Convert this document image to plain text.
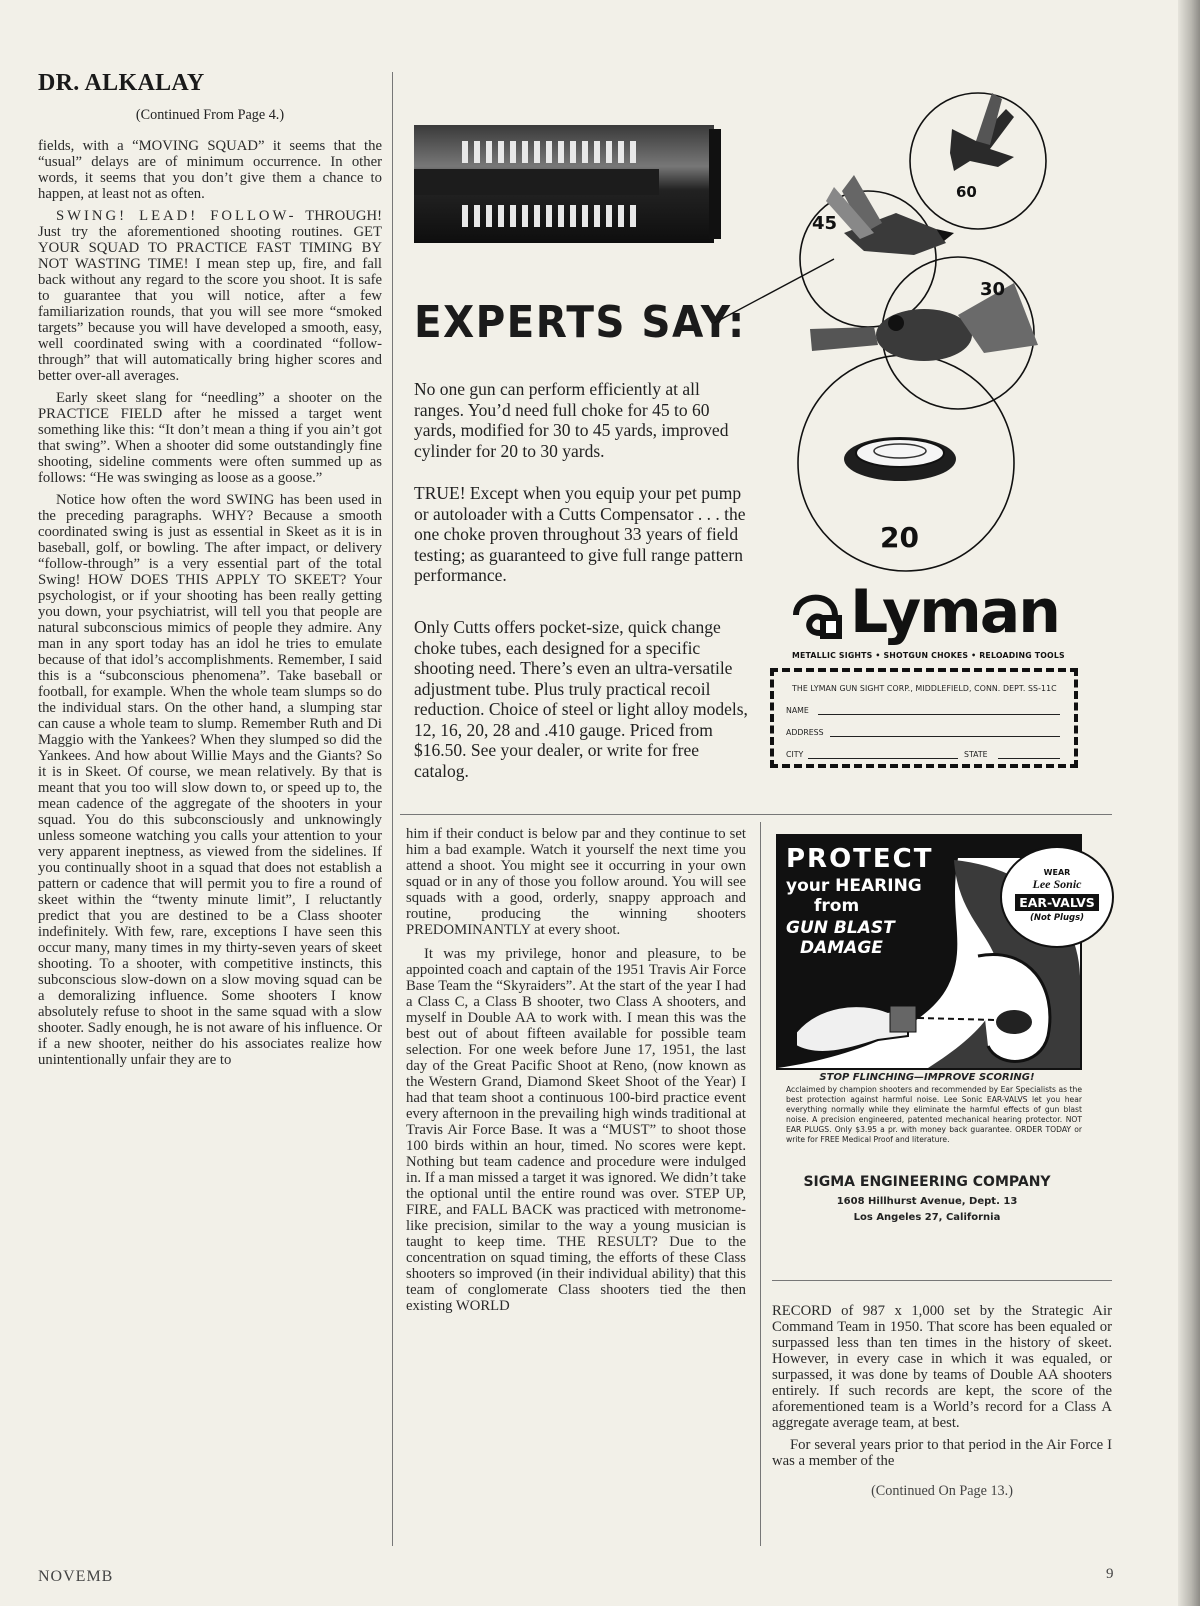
DR. ALKALAY
(Continued From Page 4.)

fields, with a “MOVING SQUAD” it seems that the “usual” delays are of minimum occurrence. In other words, it seems that you don’t give them a chance to happen, at least not as often.

SWING! LEAD! FOLLOW- THROUGH! Just try the aforementioned shooting routines. GET YOUR SQUAD TO PRACTICE FAST TIMING BY NOT WASTING TIME! I mean step up, fire, and fall back without any regard to the score you shoot. It is safe to guarantee that you will notice, after a few familiarization rounds, that you will see more “smoked targets” because you will have developed a smooth, easy, well coordinated swing with a coordinated “follow-through” that will automatically bring higher scores and better over-all averages.

Early skeet slang for “needling” a shooter on the PRACTICE FIELD after he missed a target went something like this: “It don’t mean a thing if you ain’t got that swing”. When a shooter did some outstandingly fine shooting, sideline comments were often summed up as follows: “He was swinging as loose as a goose.”

Notice how often the word SWING has been used in the preceding paragraphs. WHY? Because a smooth coordinated swing is just as essential in Skeet as it is in baseball, golf, or bowling. The after impact, or delivery “follow-through” is a very essential part of the total Swing! HOW DOES THIS APPLY TO SKEET? Your psychologist, or if your shooting has been really getting you down, your psychiatrist, will tell you that people are natural subconscious mimics of people they admire. Any man in any sport today has an idol he tries to emulate because of that idol’s accomplishments. Remember, I said this is a “subconscious phenomena”. Take baseball or football, for example. When the whole team slumps so do the individual stars. On the other hand, a slumping star can cause a whole team to slump. Remember Ruth and Di Maggio with the Yankees? When they slumped so did the Yankees. And how about Willie Mays and the Giants? So it is in Skeet. Of course, we mean relatively. By that is meant that you too will slow down to, or speed up to, the mean cadence of the aggregate of the shooters in your squad. You do this subconsciously and unknowingly unless someone watching you calls your attention to your very apparent ineptness, as viewed from the sidelines. If you continually shoot in a squad that does not establish a pattern or cadence that will permit you to fire a round of skeet within the “twenty minute limit”, I reluctantly predict that you are destined to be a Class shooter indefinitely. With few, rare, exceptions I have seen this occur many, many times in my thirty-seven years of skeet shooting. To a shooter, with competitive instincts, this subconscious slow-down on a slow moving squad can be a demoralizing influence. Some shooters I know absolutely refuse to shoot in the same squad with a slow shooter. Sadly enough, he is not aware of his influence. Or if a new shooter, neither do his associates realize how unintentionally unfair they are to

EXPERTS SAY:
No one gun can perform efficiently at all ranges. You’d need full choke for 45 to 60 yards, modified for 30 to 45 yards, improved cylinder for 20 to 30 yards.
TRUE! Except when you equip your pet pump or autoloader with a Cutts Compensator . . . the one choke proven throughout 33 years of field testing; as guaranteed to give full range pattern performance.
Only Cutts offers pocket-size, quick change choke tubes, each designed for a specific shooting need. There’s even an ultra-versatile adjustment tube. Plus truly practical recoil reduction. Choice of steel or light alloy models, 12, 16, 20, 28 and .410 gauge. Priced from $16.50. See your dealer, or write for free catalog.
60
45
30
20
Lyman
METALLIC SIGHTS • SHOTGUN CHOKES • RELOADING TOOLS
THE LYMAN GUN SIGHT CORP., MIDDLEFIELD, CONN. DEPT. SS-11C
NAME
ADDRESS
CITY	STATE

him if their conduct is below par and they continue to set him a bad example. Watch it yourself the next time you attend a shoot. You might see it occurring in your own squad or in any of those you follow around. You will see squads with a good, orderly, snappy approach and routine, producing the winning shooters PREDOMINANTLY at every shoot.

It was my privilege, honor and pleasure, to be appointed coach and captain of the 1951 Travis Air Force Base Team the “Skyraiders”. At the start of the year I had a Class C, a Class B shooter, two Class A shooters, and myself in Double AA to work with. I mean this was the best out of about fifteen available for possible team selection. For one week before June 17, 1951, the last day of the Great Pacific Shoot at Reno, (now known as the Western Grand, Diamond Skeet Shoot of the Year) I had that team shoot a continuous 100-bird practice event every afternoon in the prevailing high winds traditional at Travis Air Force Base. It was a “MUST” to shoot those 100 birds within an hour, timed. No scores were kept. Nothing but team cadence and procedure were indulged in. If a man missed a target it was ignored. We didn’t take the optional until the entire round was over. STEP UP, FIRE, and FALL BACK was practiced with metronome-like precision, similar to the way a young musician is taught to keep time. THE RESULT? Due to the concentration on squad timing, the efforts of these Class shooters so improved (in their individual ability) that this team of conglomerate Class shooters tied the then existing WORLD

PROTECT
your HEARING
from
GUN BLAST
DAMAGE
WEAR
Lee Sonic
EAR-VALVS
(Not Plugs)
STOP FLINCHING—IMPROVE SCORING!
Acclaimed by champion shooters and recommended by Ear Specialists as the best protection against harmful noise. Lee Sonic EAR-VALVS let you hear everything normally while they eliminate the harmful effects of gun blast noise. A precision engineered, patented mechanical hearing protector. NOT EAR PLUGS. Only $3.95 a pr. with money back guarantee. ORDER TODAY or write for FREE Medical Proof and literature.
SIGMA ENGINEERING COMPANY
1608 Hillhurst Avenue, Dept. 13
Los Angeles 27, California

RECORD of 987 x 1,000 set by the Strategic Air Command Team in 1950. That score has been equaled or surpassed less than ten times in the history of skeet. However, in every case in which it was equaled, or surpassed, it was done by teams of Double AA shooters entirely. If such records are kept, the score of the aforementioned team is a World’s record for a Class A aggregate average team, at best.

For several years prior to that period in the Air Force I was a member of the

(Continued On Page 13.)
NOVEMB	9
